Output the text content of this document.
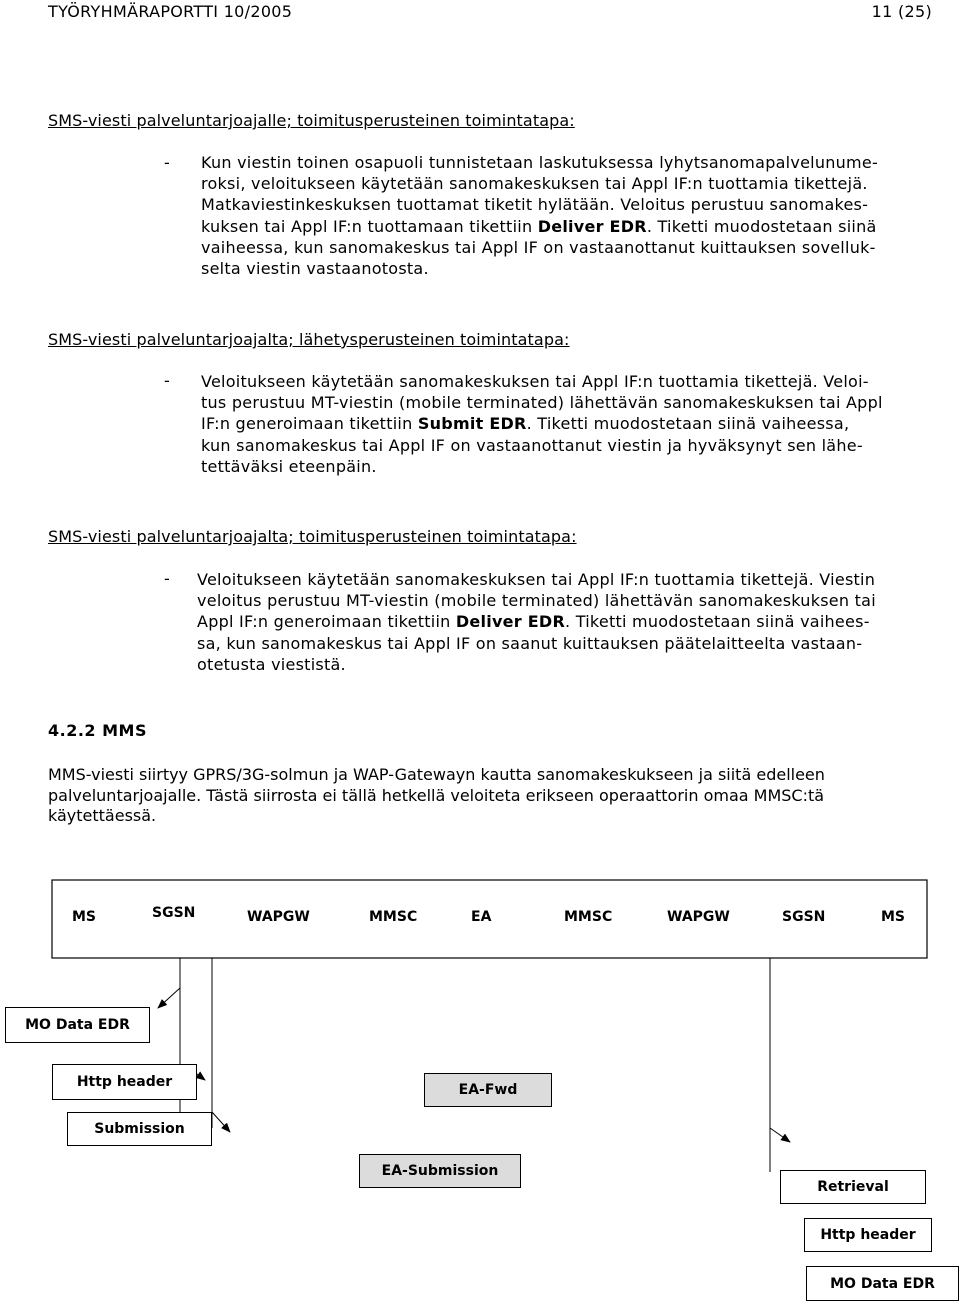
TYÖRYHMÄRAPORTTI 10/2005	11 (25)
SMS-viesti palveluntarjoajalle; toimitusperusteinen toimintatapa:
- Kun viestin toinen osapuoli tunnistetaan laskutuksessa lyhytsanomapalvelunume-
roksi, veloitukseen käytetään sanomakeskuksen tai Appl IF:n tuottamia tikettejä.
Matkaviestinkeskuksen tuottamat tiketit hylätään. Veloitus perustuu sanomakes-
kuksen tai Appl IF:n tuottamaan tikettiin Deliver EDR. Tiketti muodostetaan siinä
vaiheessa, kun sanomakeskus tai Appl IF on vastaanottanut kuittauksen sovelluk-
selta viestin vastaanotosta.
SMS-viesti palveluntarjoajalta; lähetysperusteinen toimintatapa:
- Veloitukseen käytetään sanomakeskuksen tai Appl IF:n tuottamia tikettejä. Veloi-
tus perustuu MT-viestin (mobile terminated) lähettävän sanomakeskuksen tai Appl
IF:n generoimaan tikettiin Submit EDR. Tiketti muodostetaan siinä vaiheessa,
kun sanomakeskus tai Appl IF on vastaanottanut viestin ja hyväksynyt sen lähe-
tettäväksi eteenpäin.
SMS-viesti palveluntarjoajalta; toimitusperusteinen toimintatapa:
- Veloitukseen käytetään sanomakeskuksen tai Appl IF:n tuottamia tikettejä. Viestin
veloitus perustuu MT-viestin (mobile terminated) lähettävän sanomakeskuksen tai
Appl IF:n generoimaan tikettiin Deliver EDR. Tiketti muodostetaan siinä vaihees-
sa, kun sanomakeskus tai Appl IF on saanut kuittauksen päätelaitteelta vastaan-
otetusta viestistä.
4.2.2 MMS
MMS-viesti siirtyy GPRS/3G-solmun ja WAP-Gatewayn kautta sanomakeskukseen ja siitä edelleen
palveluntarjoajalle. Tästä siirrosta ei tällä hetkellä veloiteta erikseen operaattorin omaa MMSC:tä
käytettäessä.
MS	SGSN	WAPGW	MMSC	EA	MMSC	WAPGW	SGSN	MS
MO Data EDR
Http header	EA-Fwd
Submission
EA-Submission
Retrieval
Http header
MO Data EDR
